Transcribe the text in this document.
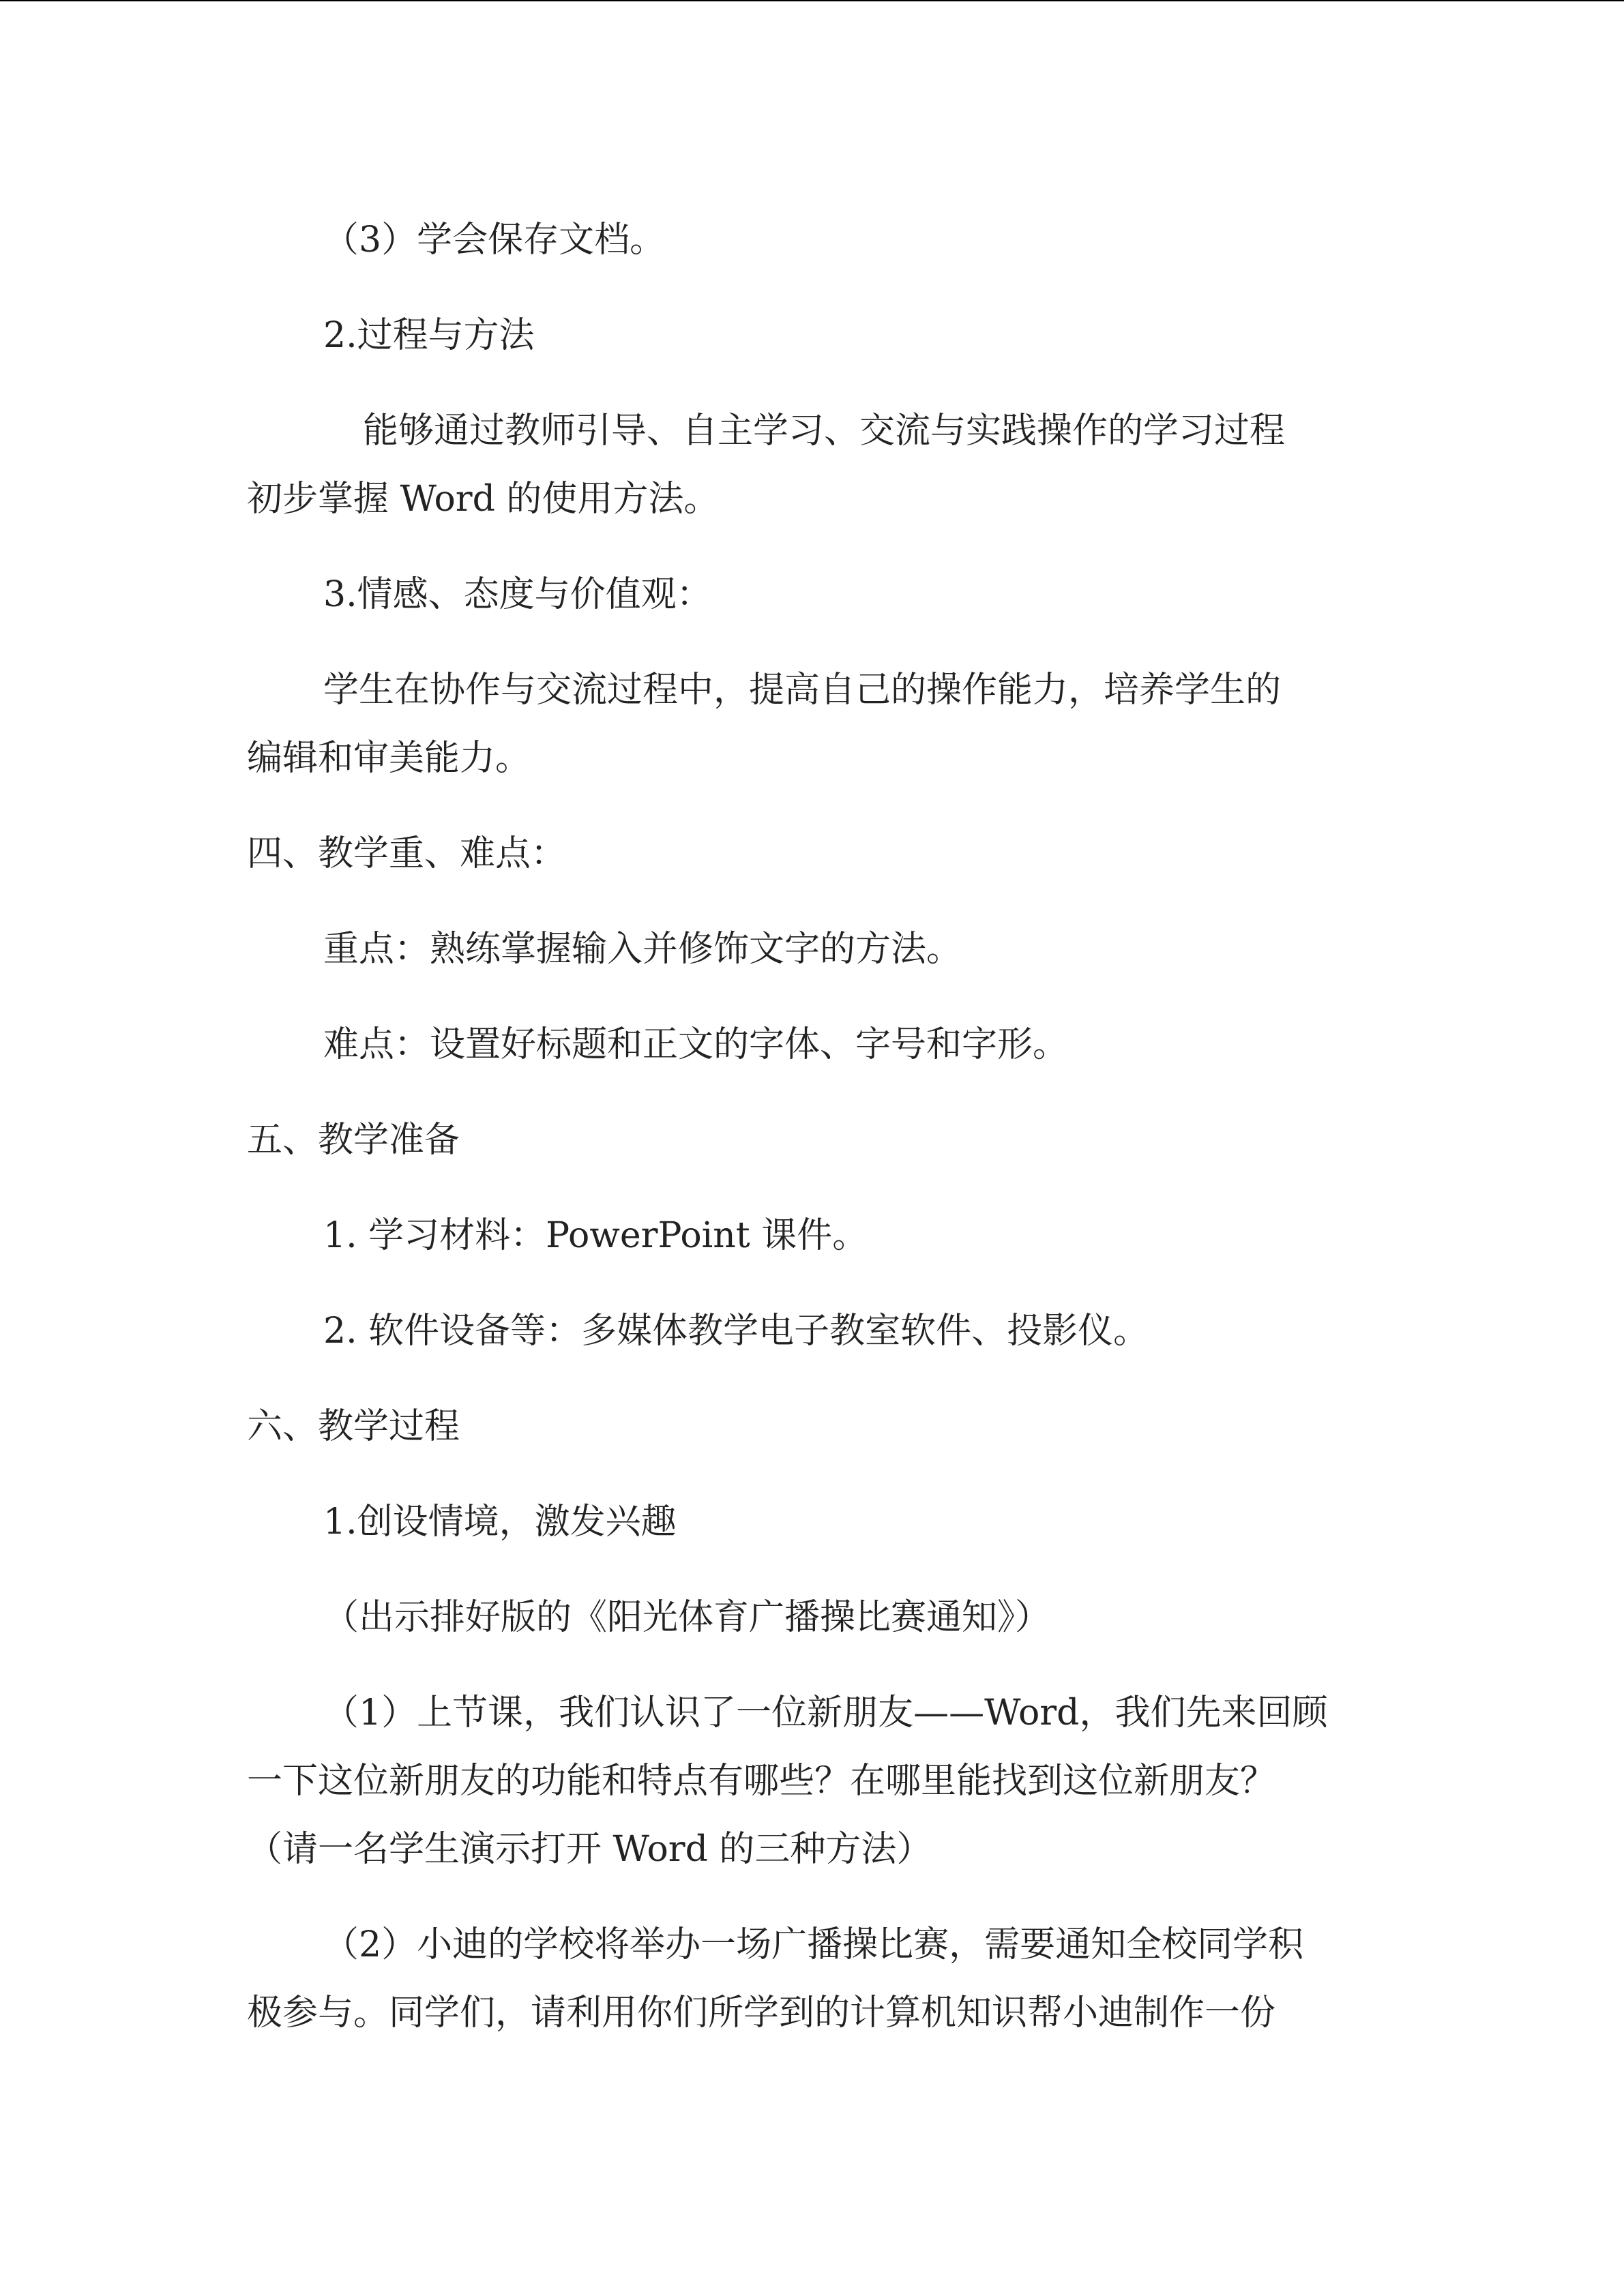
（3）学会保存文档。

2.过程与方法

能够通过教师引导、自主学习、交流与实践操作的学习过程
初步掌握 Word 的使用方法。

3.情感、态度与价值观：

学生在协作与交流过程中，提高自己的操作能力，培养学生的
编辑和审美能力。

四、教学重、难点：

重点：熟练掌握输入并修饰文字的方法。

难点：设置好标题和正文的字体、字号和字形。

五、教学准备

1. 学习材料：PowerPoint 课件。

2. 软件设备等：多媒体教学电子教室软件、投影仪。

六、教学过程

1.创设情境，激发兴趣

（出示排好版的《阳光体育广播操比赛通知》）

（1）上节课，我们认识了一位新朋友——Word，我们先来回顾
一下这位新朋友的功能和特点有哪些？在哪里能找到这位新朋友？
（请一名学生演示打开 Word 的三种方法）
（2）小迪的学校将举办一场广播操比赛，需要通知全校同学积
极参与。同学们，请利用你们所学到的计算机知识帮小迪制作一份
